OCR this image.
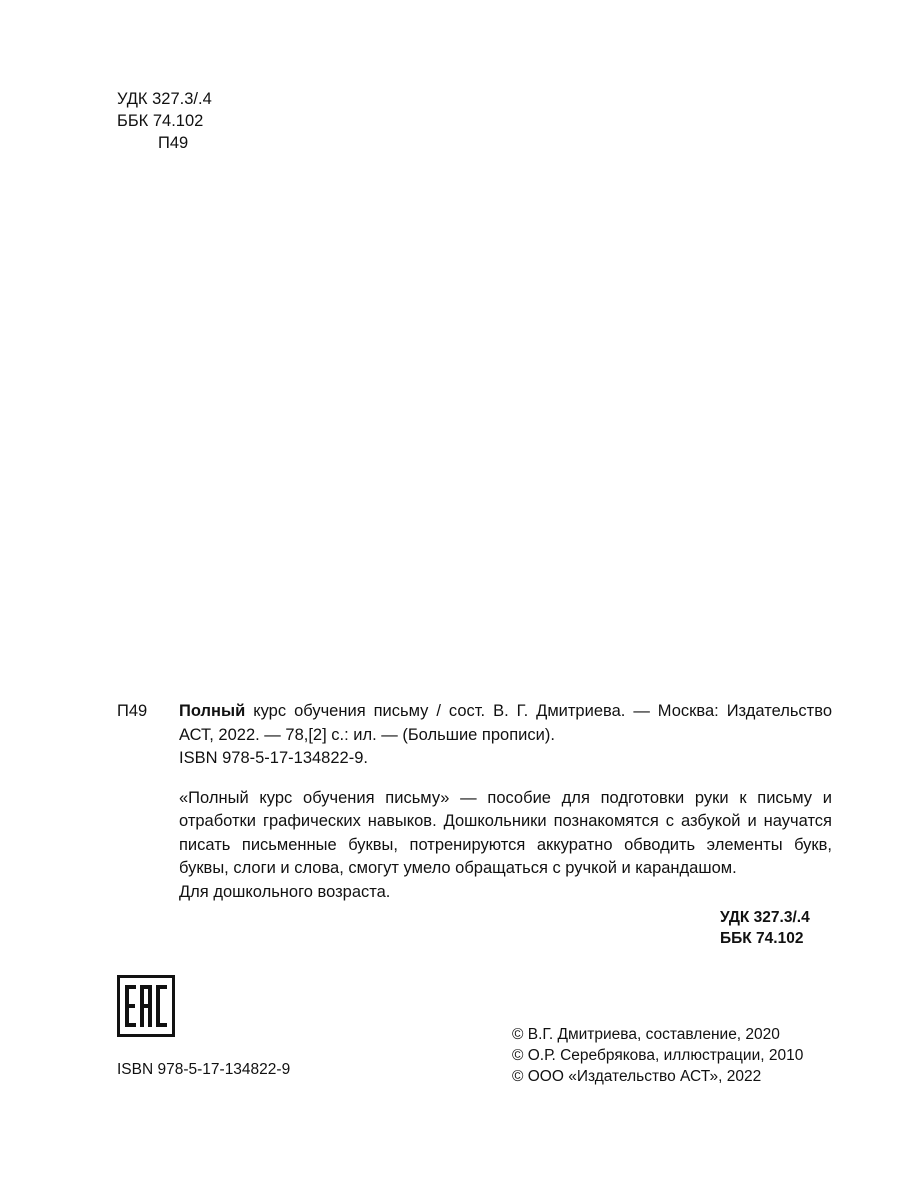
УДК 327.3/.4
ББК 74.102
П49
П49 Полный курс обучения письму / сост. В. Г. Дмитриева. — Москва: Издательство АСТ, 2022. — 78,[2] с.: ил. — (Большие прописи).
ISBN 978-5-17-134822-9.
«Полный курс обучения письму» — пособие для подготовки руки к письму и отработки графических навыков. Дошкольники познакомятся с азбукой и научатся писать письменные буквы, потренируются аккуратно обводить элементы букв, буквы, слоги и слова, смогут умело обращаться с ручкой и карандашом.
Для дошкольного возраста.
УДК 327.3/.4
ББК 74.102
ISBN 978-5-17-134822-9
© В.Г. Дмитриева, составление, 2020
© О.Р. Серебрякова, иллюстрации, 2010
© ООО «Издательство АСТ», 2022
